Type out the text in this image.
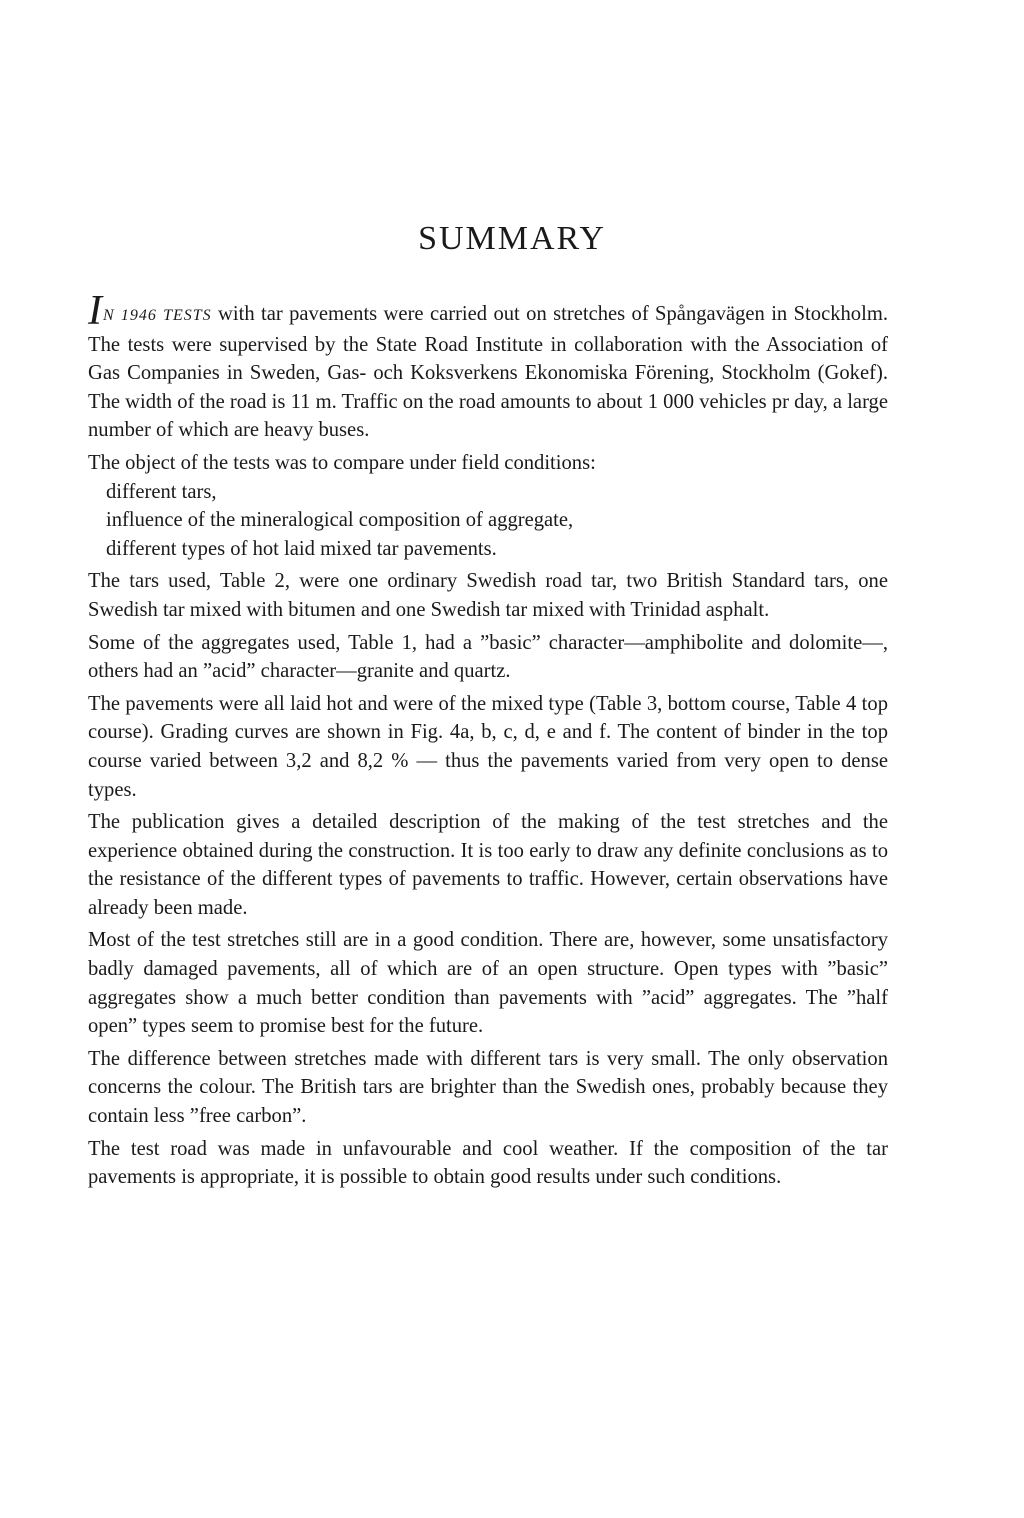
SUMMARY

IN 1946 TESTS with tar pavements were carried out on stretches of Spångavägen in Stockholm. The tests were supervised by the State Road Institute in collaboration with the Association of Gas Companies in Sweden, Gas- och Koksverkens Ekonomiska Förening, Stockholm (Gokef). The width of the road is 11 m. Traffic on the road amounts to about 1 000 vehicles pr day, a large number of which are heavy buses.

The object of the tests was to compare under field conditions:

different tars,
influence of the mineralogical composition of aggregate,
different types of hot laid mixed tar pavements.

The tars used, Table 2, were one ordinary Swedish road tar, two British Standard tars, one Swedish tar mixed with bitumen and one Swedish tar mixed with Trinidad asphalt.

Some of the aggregates used, Table 1, had a ”basic” character—amphibolite and dolomite—, others had an ”acid” character—granite and quartz.

The pavements were all laid hot and were of the mixed type (Table 3, bottom course, Table 4 top course). Grading curves are shown in Fig. 4a, b, c, d, e and f. The content of binder in the top course varied between 3,2 and 8,2 % — thus the pavements varied from very open to dense types.

The publication gives a detailed description of the making of the test stretches and the experience obtained during the construction. It is too early to draw any definite conclusions as to the resistance of the different types of pavements to traffic. However, certain observations have already been made.

Most of the test stretches still are in a good condition. There are, however, some unsatisfactory badly damaged pavements, all of which are of an open structure. Open types with ”basic” aggregates show a much better condition than pavements with ”acid” aggregates. The ”half open” types seem to promise best for the future.

The difference between stretches made with different tars is very small. The only observation concerns the colour. The British tars are brighter than the Swedish ones, probably because they contain less ”free carbon”.

The test road was made in unfavourable and cool weather. If the composition of the tar pavements is appropriate, it is possible to obtain good results under such conditions.
